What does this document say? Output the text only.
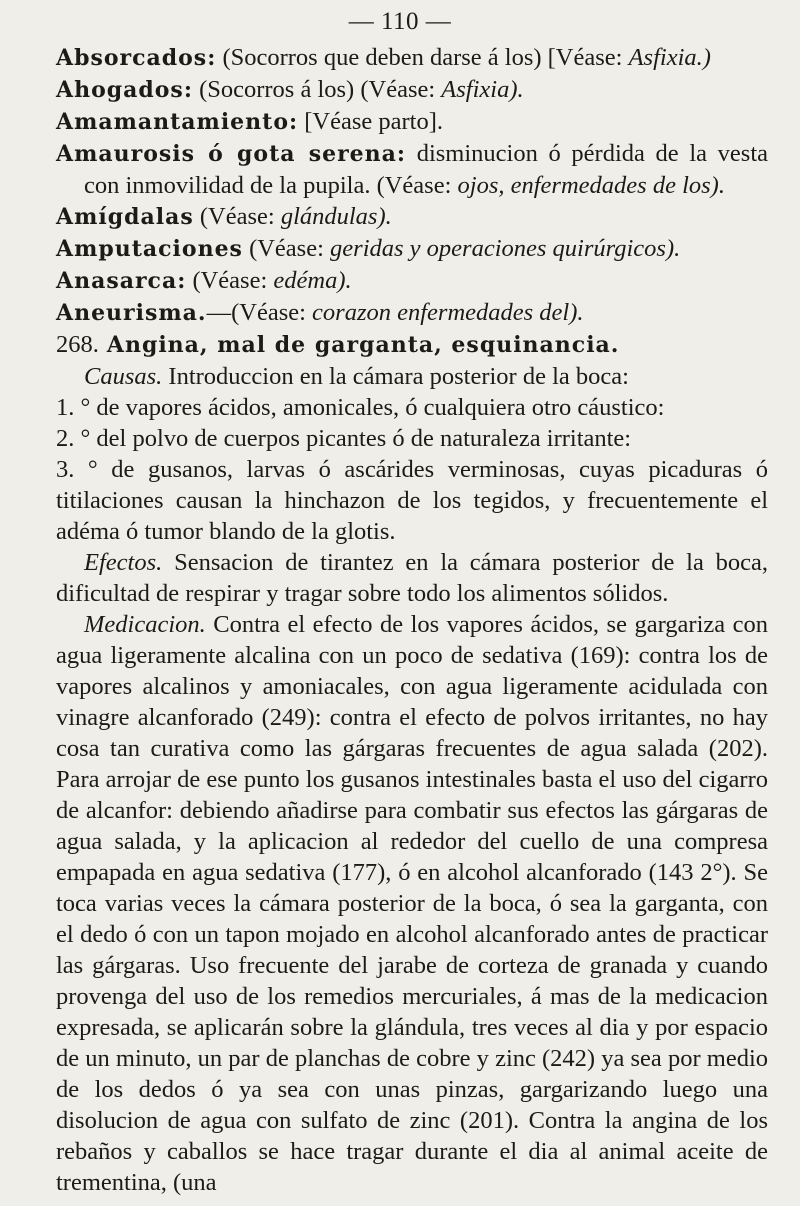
— 110 —

Absorcados: (Socorros que deben darse á los) [Véase: Asfixia.)

Ahogados: (Socorros á los) (Véase: Asfixia).

Amamantamiento: [Véase parto].

Amaurosis ó gota serena: disminucion ó pérdida de la vesta con inmovilidad de la pupila. (Véase: ojos, enfermedades de los).

Amígdalas (Véase: glándulas).

Amputaciones (Véase: geridas y operaciones quirúrgicos).

Anasarca: (Véase: edéma).

Aneurisma.—(Véase: corazon enfermedades del).

268. Angina, mal de garganta, esquinancia.

Causas. Introduccion en la cámara posterior de la boca:

1. ° de vapores ácidos, amonicales, ó cualquiera otro cáustico:

2. ° del polvo de cuerpos picantes ó de naturaleza irritante:

3. ° de gusanos, larvas ó ascárides verminosas, cuyas picaduras ó titilaciones causan la hinchazon de los tegidos, y frecuentemente el adéma ó tumor blando de la glotis.

Efectos. Sensacion de tirantez en la cámara posterior de la boca, dificultad de respirar y tragar sobre todo los alimentos sólidos.

Medicacion. Contra el efecto de los vapores ácidos, se gargariza con agua ligeramente alcalina con un poco de sedativa (169): contra los de vapores alcalinos y amoniacales, con agua ligeramente acidulada con vinagre alcanforado (249): contra el efecto de polvos irritantes, no hay cosa tan curativa como las gárgaras frecuentes de agua salada (202). Para arrojar de ese punto los gusanos intestinales basta el uso del cigarro de alcanfor: debiendo añadirse para combatir sus efectos las gárgaras de agua salada, y la aplicacion al rededor del cuello de una compresa empapada en agua sedativa (177), ó en alcohol alcanforado (143 2°). Se toca varias veces la cámara posterior de la boca, ó sea la garganta, con el dedo ó con un tapon mojado en alcohol alcanforado antes de practicar las gárgaras. Uso frecuente del jarabe de corteza de granada y cuando provenga del uso de los remedios mercuriales, á mas de la medicacion expresada, se aplicarán sobre la glándula, tres veces al dia y por espacio de un minuto, un par de planchas de cobre y zinc (242) ya sea por medio de los dedos ó ya sea con unas pinzas, gargarizando luego una disolucion de agua con sulfato de zinc (201). Contra la angina de los rebaños y caballos se hace tragar durante el dia al animal aceite de trementina, (una
